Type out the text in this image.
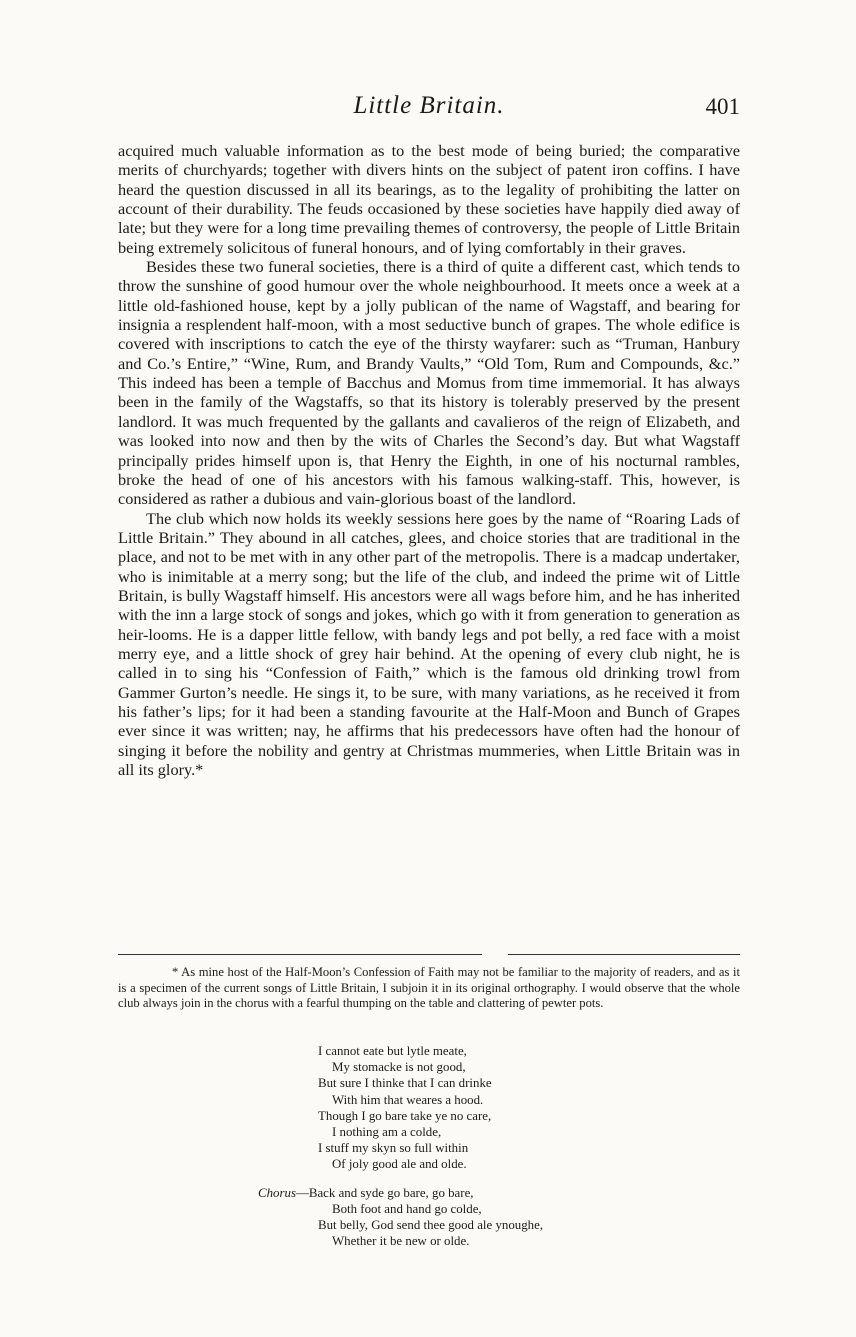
Little Britain.	401

acquired much valuable information as to the best mode of being buried; the comparative merits of churchyards; together with divers hints on the subject of patent iron coffins. I have heard the question discussed in all its bearings, as to the legality of prohibiting the latter on account of their durability. The feuds occasioned by these societies have happily died away of late; but they were for a long time prevailing themes of controversy, the people of Little Britain being extremely solicitous of funeral honours, and of lying comfortably in their graves.

Besides these two funeral societies, there is a third of quite a different cast, which tends to throw the sunshine of good humour over the whole neighbourhood. It meets once a week at a little old-fashioned house, kept by a jolly publican of the name of Wagstaff, and bearing for insignia a resplendent half-moon, with a most seductive bunch of grapes. The whole edifice is covered with inscriptions to catch the eye of the thirsty wayfarer: such as “Truman, Hanbury and Co.’s Entire,” “Wine, Rum, and Brandy Vaults,” “Old Tom, Rum and Compounds, &c.” This indeed has been a temple of Bacchus and Momus from time immemorial. It has always been in the family of the Wagstaffs, so that its history is tolerably preserved by the present landlord. It was much frequented by the gallants and cavalieros of the reign of Elizabeth, and was looked into now and then by the wits of Charles the Second’s day. But what Wagstaff principally prides himself upon is, that Henry the Eighth, in one of his nocturnal rambles, broke the head of one of his ancestors with his famous walking-staff. This, however, is considered as rather a dubious and vain-glorious boast of the landlord.

The club which now holds its weekly sessions here goes by the name of “Roaring Lads of Little Britain.” They abound in all catches, glees, and choice stories that are traditional in the place, and not to be met with in any other part of the metropolis. There is a madcap undertaker, who is inimitable at a merry song; but the life of the club, and indeed the prime wit of Little Britain, is bully Wagstaff himself. His ancestors were all wags before him, and he has inherited with the inn a large stock of songs and jokes, which go with it from generation to generation as heir-looms. He is a dapper little fellow, with bandy legs and pot belly, a red face with a moist merry eye, and a little shock of grey hair behind. At the opening of every club night, he is called in to sing his “Confession of Faith,” which is the famous old drinking trowl from Gammer Gurton’s needle. He sings it, to be sure, with many variations, as he received it from his father’s lips; for it had been a standing favourite at the Half-Moon and Bunch of Grapes ever since it was written; nay, he affirms that his predecessors have often had the honour of singing it before the nobility and gentry at Christmas mummeries, when Little Britain was in all its glory.*

* As mine host of the Half-Moon’s Confession of Faith may not be familiar to the majority of readers, and as it is a specimen of the current songs of Little Britain, I subjoin it in its original orthography. I would observe that the whole club always join in the chorus with a fearful thumping on the table and clattering of pewter pots.

I cannot eate but lytle meate,
My stomacke is not good,
But sure I thinke that I can drinke
With him that weares a hood.
Though I go bare take ye no care,
I nothing am a colde,
I stuff my skyn so full within
Of joly good ale and olde.
Chorus—Back and syde go bare, go bare,
Both foot and hand go colde,
But belly, God send thee good ale ynoughe,
Whether it be new or olde.
